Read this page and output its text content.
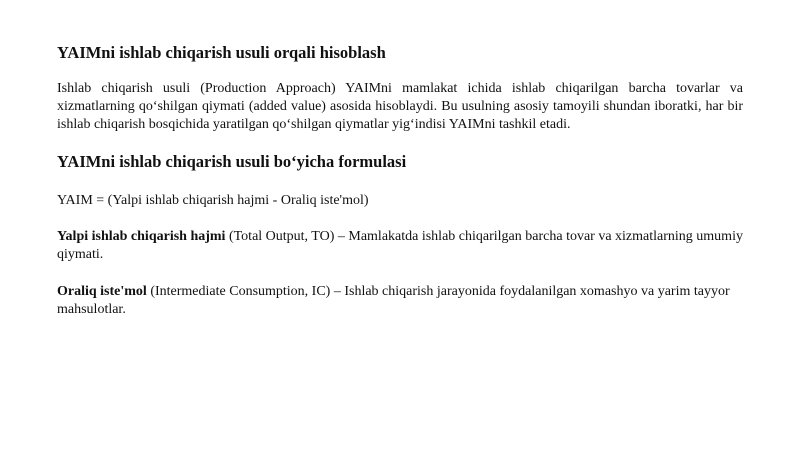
YAIMni ishlab chiqarish usuli orqali hisoblash

Ishlab chiqarish usuli (Production Approach) YAIMni mamlakat ichida ishlab chiqarilgan barcha tovarlar va xizmatlarning qo‘shilgan qiymati (added value) asosida hisoblaydi. Bu usulning asosiy tamoyili shundan iboratki, har bir ishlab chiqarish bosqichida yaratilgan qo‘shilgan qiymatlar yig‘indisi YAIMni tashkil etadi.

YAIMni ishlab chiqarish usuli bo‘yicha formulasi

YAIM = (Yalpi ishlab chiqarish hajmi - Oraliq iste'mol)

Yalpi ishlab chiqarish hajmi (Total Output, TO) – Mamlakatda ishlab chiqarilgan barcha tovar va xizmatlarning umumiy qiymati.

Oraliq iste'mol (Intermediate Consumption, IC) – Ishlab chiqarish jarayonida foydalanilgan xomashyo va yarim tayyor mahsulotlar.
